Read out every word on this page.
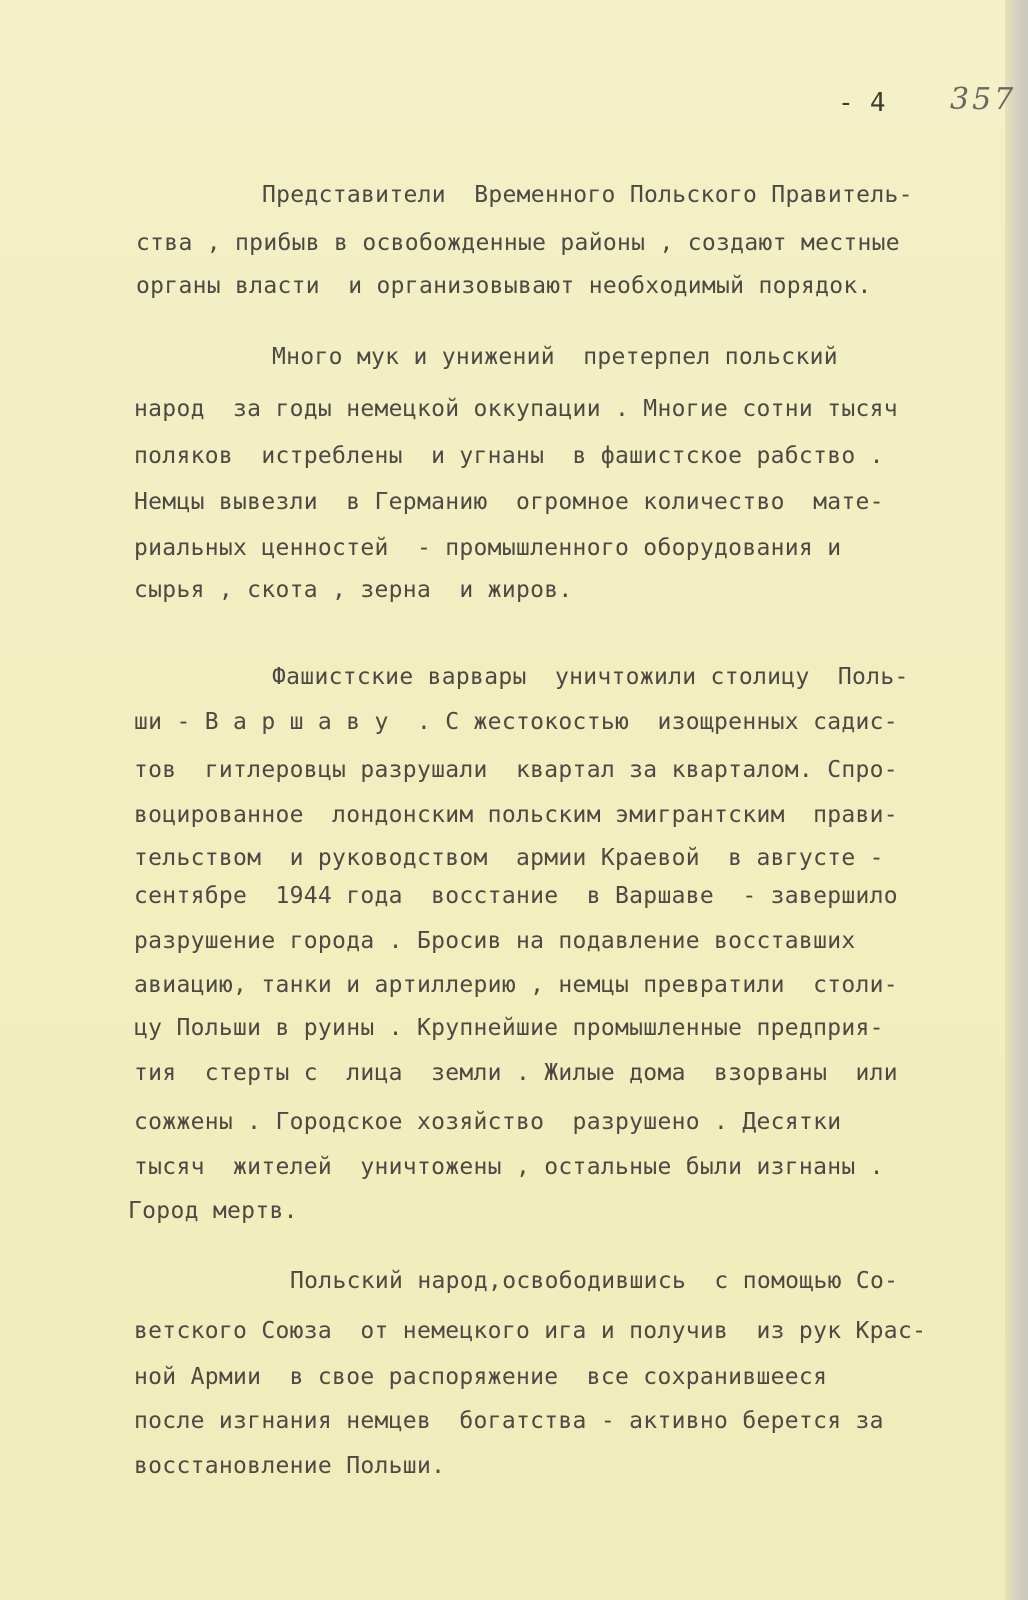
- 4 357
Представители  Временного Польского Правитель-
ства , прибыв в освобожденные районы , создают местные
органы власти  и организовывают необходимый порядок.
Много мук и унижений  претерпел польский
народ  за годы немецкой оккупации . Многие сотни тысяч
поляков  истреблены  и угнаны  в фашистское рабство .
Немцы вывезли  в Германию  огромное количество  мате-
риальных ценностей  - промышленного оборудования и
сырья , скота , зерна  и жиров.
Фашистские варвары  уничтожили столицу  Поль-
ши - В а р ш а в у  . С жестокостью  изощренных садис-
тов  гитлеровцы разрушали  квартал за кварталом. Спро-
воцированное  лондонским польским эмигрантским  прави-
тельством  и руководством  армии Краевой  в августе -
сентябре  1944 года  восстание  в Варшаве  - завершило
разрушение города . Бросив на подавление восставших
авиацию, танки и артиллерию , немцы превратили  столи-
цу Польши в руины . Крупнейшие промышленные предприя-
тия  стерты с  лица  земли . Жилые дома  взорваны  или
сожжены . Городское хозяйство  разрушено . Десятки
тысяч  жителей  уничтожены , остальные были изгнаны .
Город мертв.
Польский народ,освободившись  с помощью Со-
ветского Союза  от немецкого ига и получив  из рук Крас-
ной Армии  в свое распоряжение  все сохранившееся
после изгнания немцев  богатства - активно берется за
восстановление Польши.
